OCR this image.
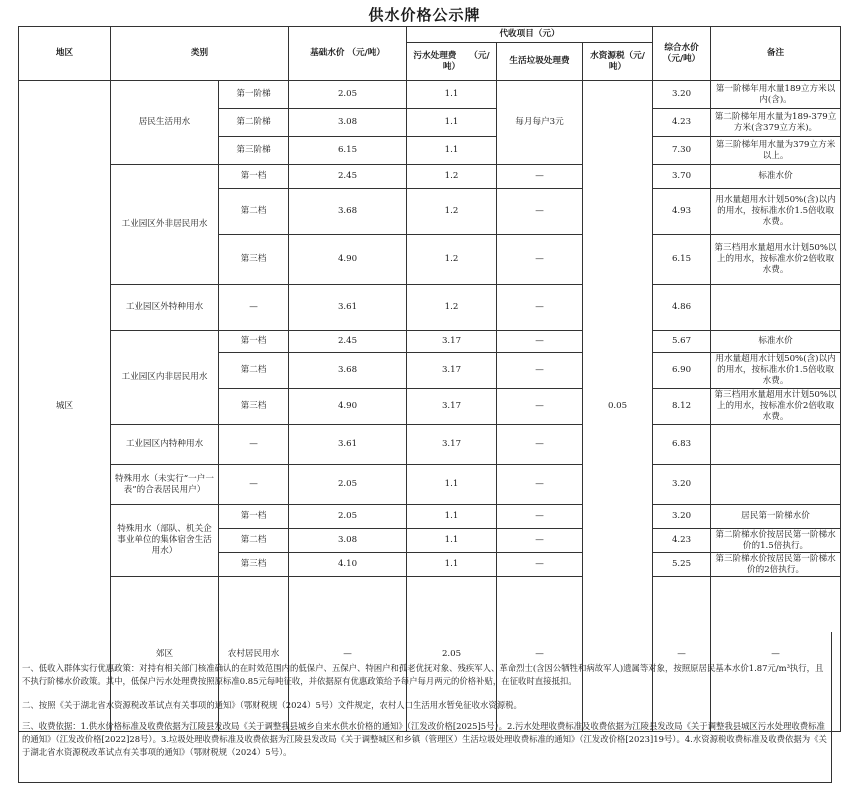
供水价格公示牌
地区	类别		基础水价 （元/吨）	代收项目（元）			综合水价（元/吨）	备注	
				污水处理费　　（元/吨）	生活垃圾处理费	水资源税（元/吨）			
城区	居民生活用水	第一阶梯	2.05	1.1	每月每户3元	0.05	3.20	第一阶梯年用水量189立方米以内(含)。	
		第二阶梯	3.08	1.1			4.23	第二阶梯年用水量为189-379立方米(含379立方米)。	
		第三阶梯	6.15	1.1			7.30	第三阶梯年用水量为379立方米以上。	
	工业园区外非居民用水	第一档	2.45	1.2	—		3.70	标准水价	
		第二档	3.68	1.2	—		4.93	用水量超用水计划50%(含)以内的用水，按标准水价1.5倍收取水费。	
		第三档	4.90	1.2	—		6.15	第三档用水量超用水计划50%以上的用水，按标准水价2倍收取水费。	
	工业园区外特种用水	—	3.61	1.2	—		4.86		
	工业园区内非居民用水	第一档	2.45	3.17	—		5.67	标准水价	
		第二档	3.68	3.17	—		6.90	用水量超用水计划50%(含)以内的用水，按标准水价1.5倍收取水费。	
		第三档	4.90	3.17	—		8.12	第三档用水量超用水计划50%以上的用水，按标准水价2倍收取水费。	
	工业园区内特种用水	—	3.61	3.17	—		6.83		
	特殊用水（未实行“一户一表”的合表居民用户）	—	2.05	1.1	—		3.20		
	特殊用水（部队、机关企事业单位的集体宿舍生活用水）	第一档	2.05	1.1	—		3.20	居民第一阶梯水价	
		第二档	3.08	1.1	—		4.23	第二阶梯水价按居民第一阶梯水价的1.5倍执行。	
		第三档	4.10	1.1	—		5.25	第三阶梯水价按居民第一阶梯水价的2倍执行。	
	郊区	农村居民用水	—	2.05	—		—	—		

一、低收入群体实行优惠政策：对持有相关部门核准确认的在时效范围内的低保户、五保户、特困户和孤老优抚对象、残疾军人、革命烈士(含因公牺牲和病故军人)遗属等对象，按照原居民基本水价1.87元/m³执行，且不执行阶梯水价政策。其中，低保户污水处理费按照原标准0.85元每吨征收，并依据原有优惠政策给予每户每月两元的价格补贴，在征收时直接抵扣。

二、按照《关于湖北省水资源税改革试点有关事项的通知》（鄂财税规（2024）5号）文件规定，农村人口生活用水暂免征收水资源税。

三、收费依据：1.供水价格标准及收费依据为江陵县发改局《关于调整我县城乡自来水供水价格的通知》（江发改价格[2025]5号）。2.污水处理收费标准及收费依据为江陵县发改局《关于调整我县城区污水处理收费标准的通知》（江发改价格[2022]28号）。3.垃圾处理收费标准及收费依据为江陵县发改局《关于调整城区和乡镇（管理区）生活垃圾处理收费标准的通知》（江发改价格[2023]19号）。4.水资源税收费标准及收费依据为《关于湖北省水资源税改革试点有关事项的通知》（鄂财税规（2024）5号）。
